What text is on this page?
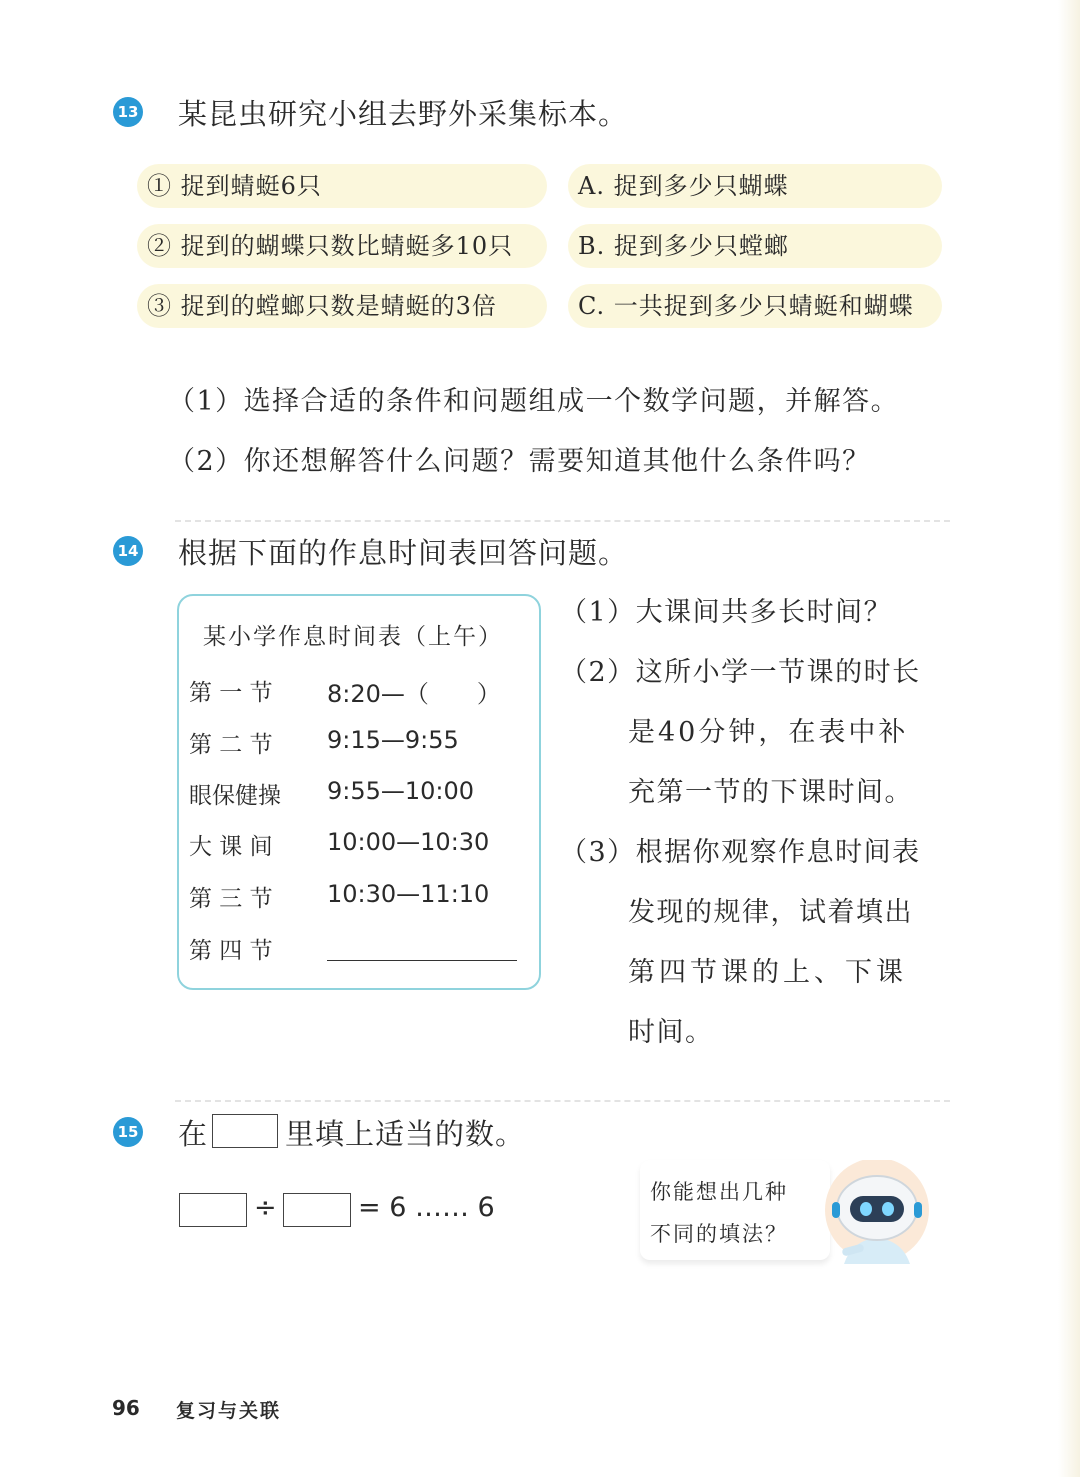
13 某昆虫研究小组去野外采集标本。
① 捉到蜻蜓6只
② 捉到的蝴蝶只数比蜻蜓多10只
③ 捉到的螳螂只数是蜻蜓的3倍
A. 捉到多少只蝴蝶
B. 捉到多少只螳螂
C. 一共捉到多少只蜻蜓和蝴蝶
（1）选择合适的条件和问题组成一个数学问题，并解答。
（2）你还想解答什么问题？需要知道其他什么条件吗？
14 根据下面的作息时间表回答问题。
某小学作息时间表（上午）
第 一 节 8:20—（　　）
第 二 节 9:15—9:55
眼保健操 9:55—10:00
大 课 间 10:00—10:30
第 三 节 10:30—11:10
第 四 节
（1）大课间共多长时间？
（2）这所小学一节课的时长
是40分钟，在表中补
充第一节的下课时间。
（3）根据你观察作息时间表
发现的规律，试着填出
第四节课的上、下课
时间。
15 在	里填上适当的数。
÷	= 6 …… 6	你能想出几种
不同的填法？
96 复习与关联
